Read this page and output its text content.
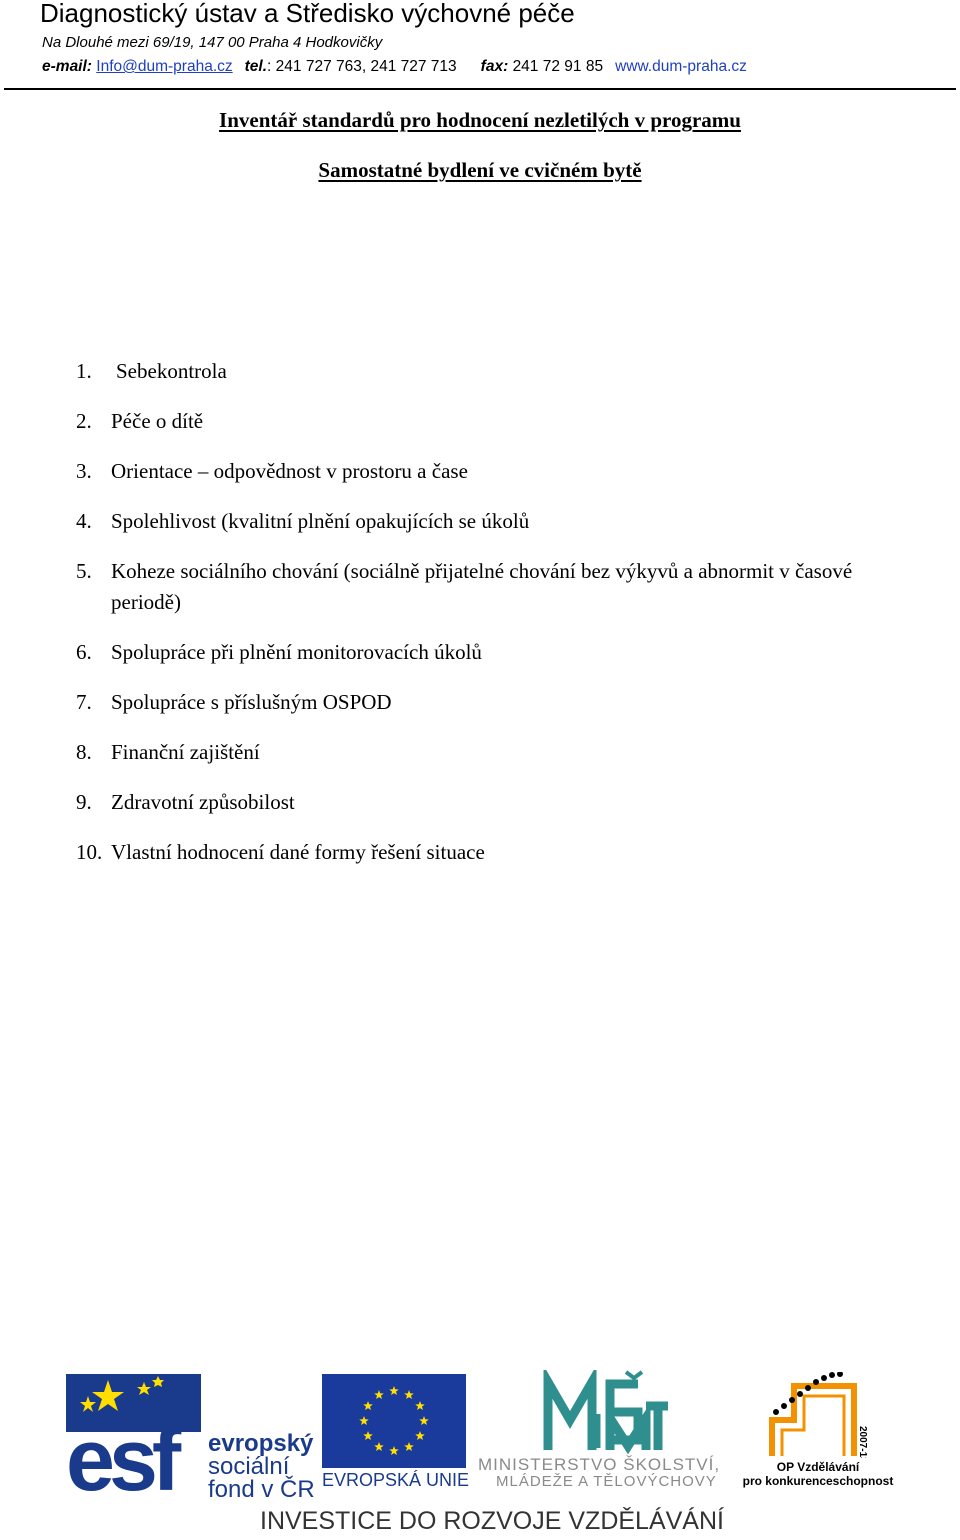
Diagnostický ústav a Středisko výchovné péče
Na Dlouhé mezi 69/19, 147 00 Praha 4 Hodkovičky
e-mail: Info@dum-praha.cz tel.: 241 727 763, 241 727 713 fax: 241 72 91 85 www.dum-praha.cz
Inventář standardů pro hodnocení nezletilých v programu
Samostatné bydlení ve cvičném bytě
1.	Sebekontrola
2. Péče o dítě
3. Orientace – odpovědnost v prostoru a čase
4. Spolehlivost (kvalitní plnění opakujících se úkolů
5. Koheze sociálního chování (sociálně přijatelné chování bez výkyvů a abnormit v časové periodě)
6. Spolupráce při plnění monitorovacích úkolů
7. Spolupráce s příslušným OSPOD
8. Finanční zajištění
9. Zdravotní způsobilost
10. Vlastní hodnocení dané formy řešení situace
esf evropský
sociální
fond v ČR EVROPSKÁ UNIE
MINISTERSTVO ŠKOLSTVÍ,
MLÁDEŽE A TĚLOVÝCHOVY
2007-13
OP Vzdělávání
pro konkurenceschopnost
INVESTICE DO ROZVOJE VZDĚLÁVÁNÍ
